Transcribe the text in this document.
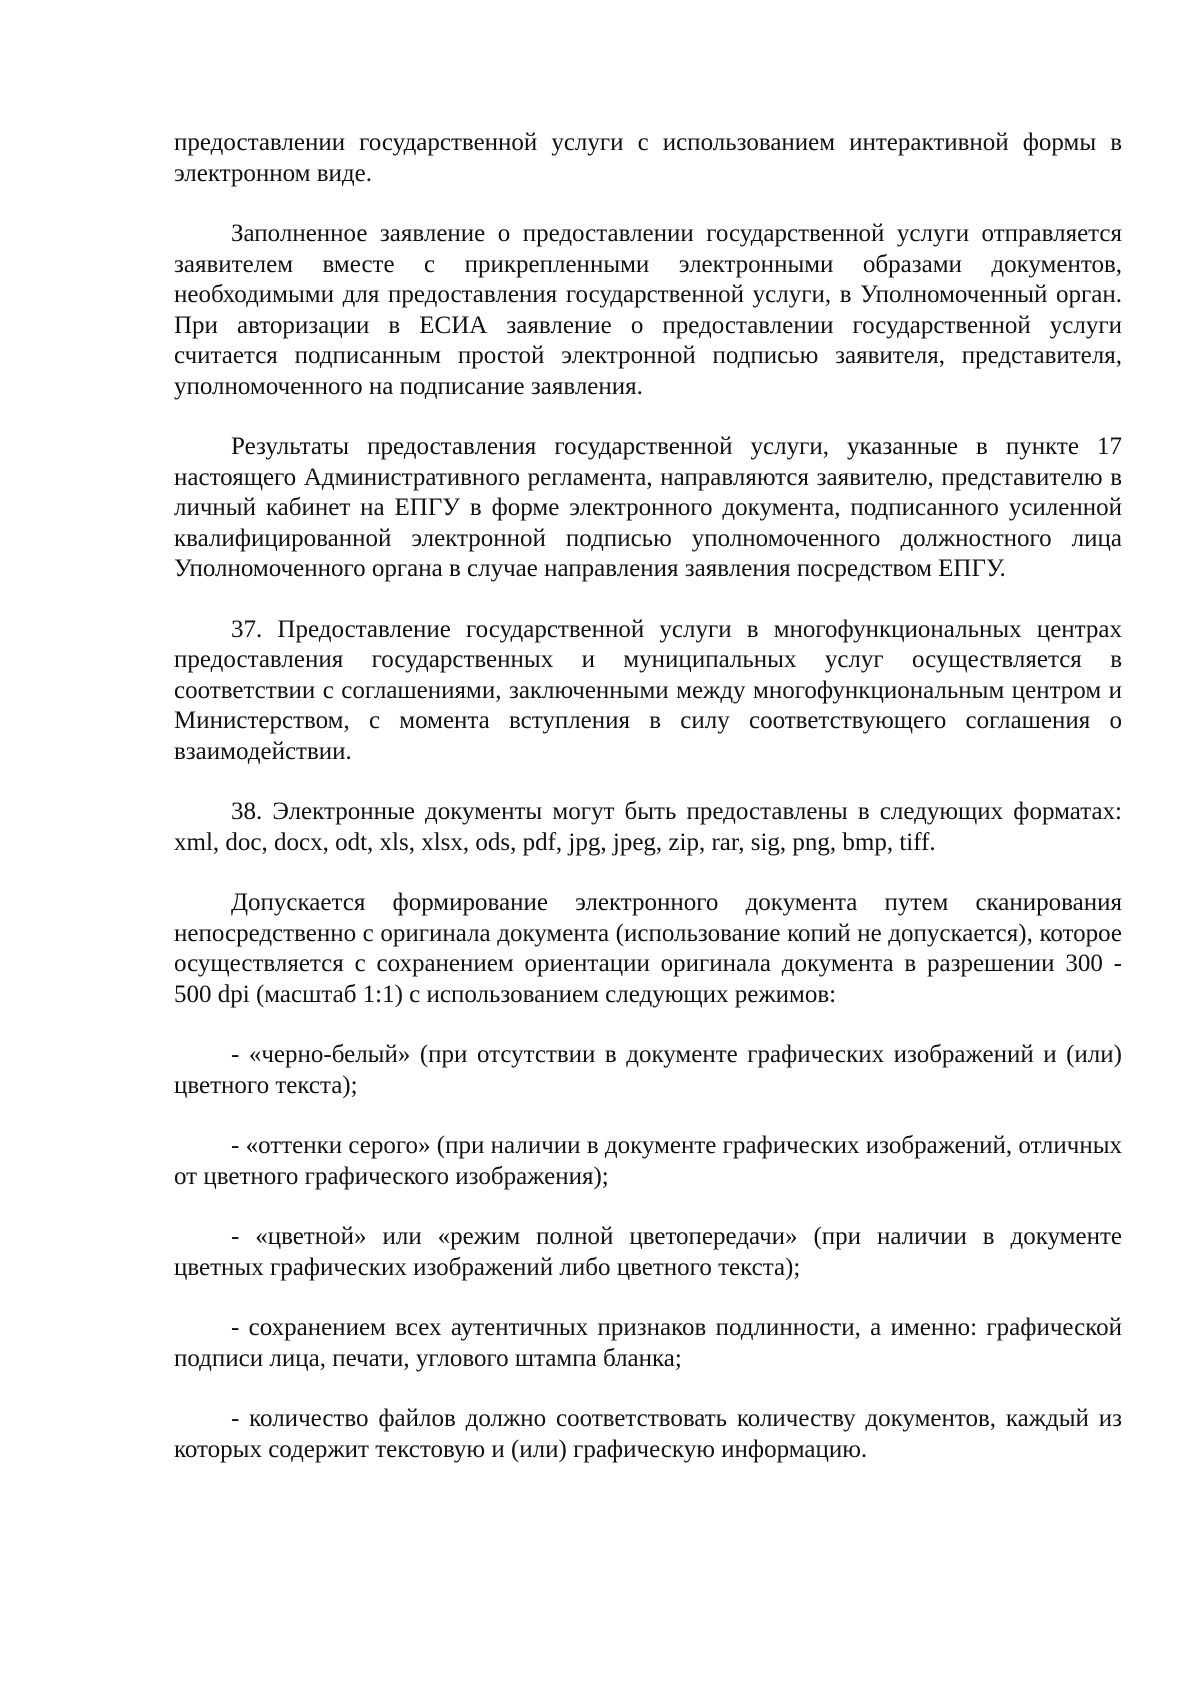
предоставлении государственной услуги с использованием интерактивной формы в электронном виде.

Заполненное заявление о предоставлении государственной услуги отправляется заявителем вместе с прикрепленными электронными образами документов, необходимыми для предоставления государственной услуги, в Уполномоченный орган. При авторизации в ЕСИА заявление о предоставлении государственной услуги считается подписанным простой электронной подписью заявителя, представителя, уполномоченного на подписание заявления.

Результаты предоставления государственной услуги, указанные в пункте 17 настоящего Административного регламента, направляются заявителю, представителю в личный кабинет на ЕПГУ в форме электронного документа, подписанного усиленной квалифицированной электронной подписью уполномоченного должностного лица Уполномоченного органа в случае направления заявления посредством ЕПГУ.

37. Предоставление государственной услуги в многофункциональных центрах предоставления государственных и муниципальных услуг осуществляется в соответствии с соглашениями, заключенными между многофункциональным центром и Министерством, с момента вступления в силу соответствующего соглашения о взаимодействии.

38. Электронные документы могут быть предоставлены в следующих форматах: xml, doc, docx, odt, xls, xlsx, ods, pdf, jpg, jpeg, zip, rar, sig, png, bmp, tiff.

Допускается формирование электронного документа путем сканирования непосредственно с оригинала документа (использование копий не допускается), которое осуществляется с сохранением ориентации оригинала документа в разрешении 300 - 500 dpi (масштаб 1:1) с использованием следующих режимов:

- «черно-белый» (при отсутствии в документе графических изображений и (или) цветного текста);

- «оттенки серого» (при наличии в документе графических изображений, отличных от цветного графического изображения);

- «цветной» или «режим полной цветопередачи» (при наличии в документе цветных графических изображений либо цветного текста);

- сохранением всех аутентичных признаков подлинности, а именно: графической подписи лица, печати, углового штампа бланка;

- количество файлов должно соответствовать количеству документов, каждый из которых содержит текстовую и (или) графическую информацию.
